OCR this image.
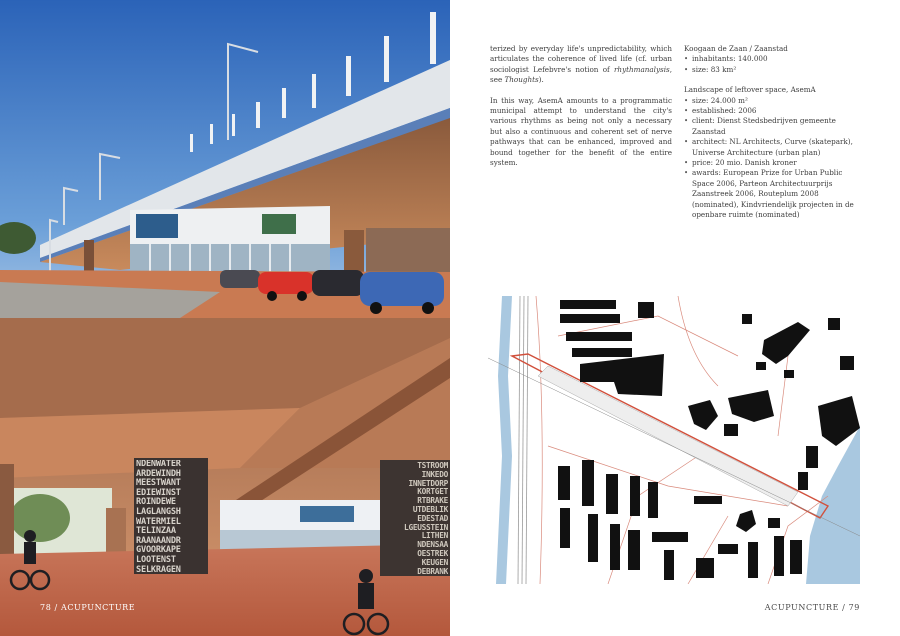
NDENWATER
ARDEWINDH
MEESTWANT
EDIEWINST
ROINDEWE
LAGLANGSH
WATERMIEL
TELINZAA
RAANAANDR
GVOORKAPE
LOOTENST
SELKRAGEN
TSTROOM
INKEDO
INNETDORP
KORTGET
RTBRAKE
UTDEBLIK
EDESTAD
LGEUSSTEIN
LITHEN
NDENSAA
OESTREK
KEUGEN
DEBRANK
78 / ACUPUNCTURE

terized by everyday life's unpredictability, which articulates the coherence of lived life (cf. urban sociologist Lefebvre's notion of rhythmanalysis, see Thoughts).

In this way, AsemA amounts to a programmatic municipal attempt to understand the city's various rhythms as being not only a necessary but also a continuous and coherent set of nerve pathways that can be enhanced, improved and bound together for the benefit of the entire system.

Koogaan de Zaan / Zaanstad
• inhabitants: 140.000
• size: 83 km²
Landscape of leftover space, AsemA
• size: 24.000 m²
• established: 2006
• client: Dienst Stedsbedrijven gemeente Zaanstad
• architect: NL Architects, Curve (skatepark), Universe Architecture (urban plan)
• price: 20 mio. Danish kroner
• awards: European Prize for Urban Public Space 2006, Parteon Architectuurprijs Zaanstreek 2006, Routeplum 2008 (nominated), Kindvriendelijk projecten in de openbare ruimte (nominated)
ACUPUNCTURE / 79
